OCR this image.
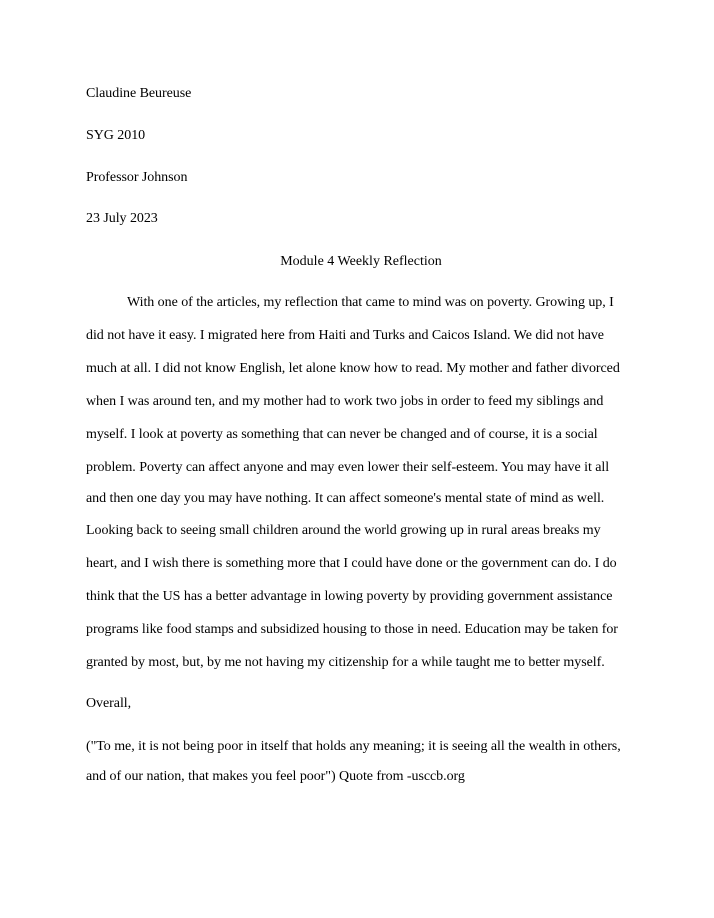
Claudine Beureuse
SYG 2010
Professor Johnson
23 July 2023
Module 4 Weekly Reflection
With one of the articles, my reflection that came to mind was on poverty. Growing up, I
did not have it easy. I migrated here from Haiti and Turks and Caicos Island. We did not have
much at all. I did not know English, let alone know how to read. My mother and father divorced
when I was around ten, and my mother had to work two jobs in order to feed my siblings and
myself. I look at poverty as something that can never be changed and of course, it is a social
problem. Poverty can affect anyone and may even lower their self-esteem. You may have it all
and then one day you may have nothing. It can affect someone's mental state of mind as well.
Looking back to seeing small children around the world growing up in rural areas breaks my
heart, and I wish there is something more that I could have done or the government can do. I do
think that the US has a better advantage in lowing poverty by providing government assistance
programs like food stamps and subsidized housing to those in need. Education may be taken for
granted by most, but, by me not having my citizenship for a while taught me to better myself.
Overall,
("To me, it is not being poor in itself that holds any meaning; it is seeing all the wealth in others,
and of our nation, that makes you feel poor") Quote from -usccb.org
